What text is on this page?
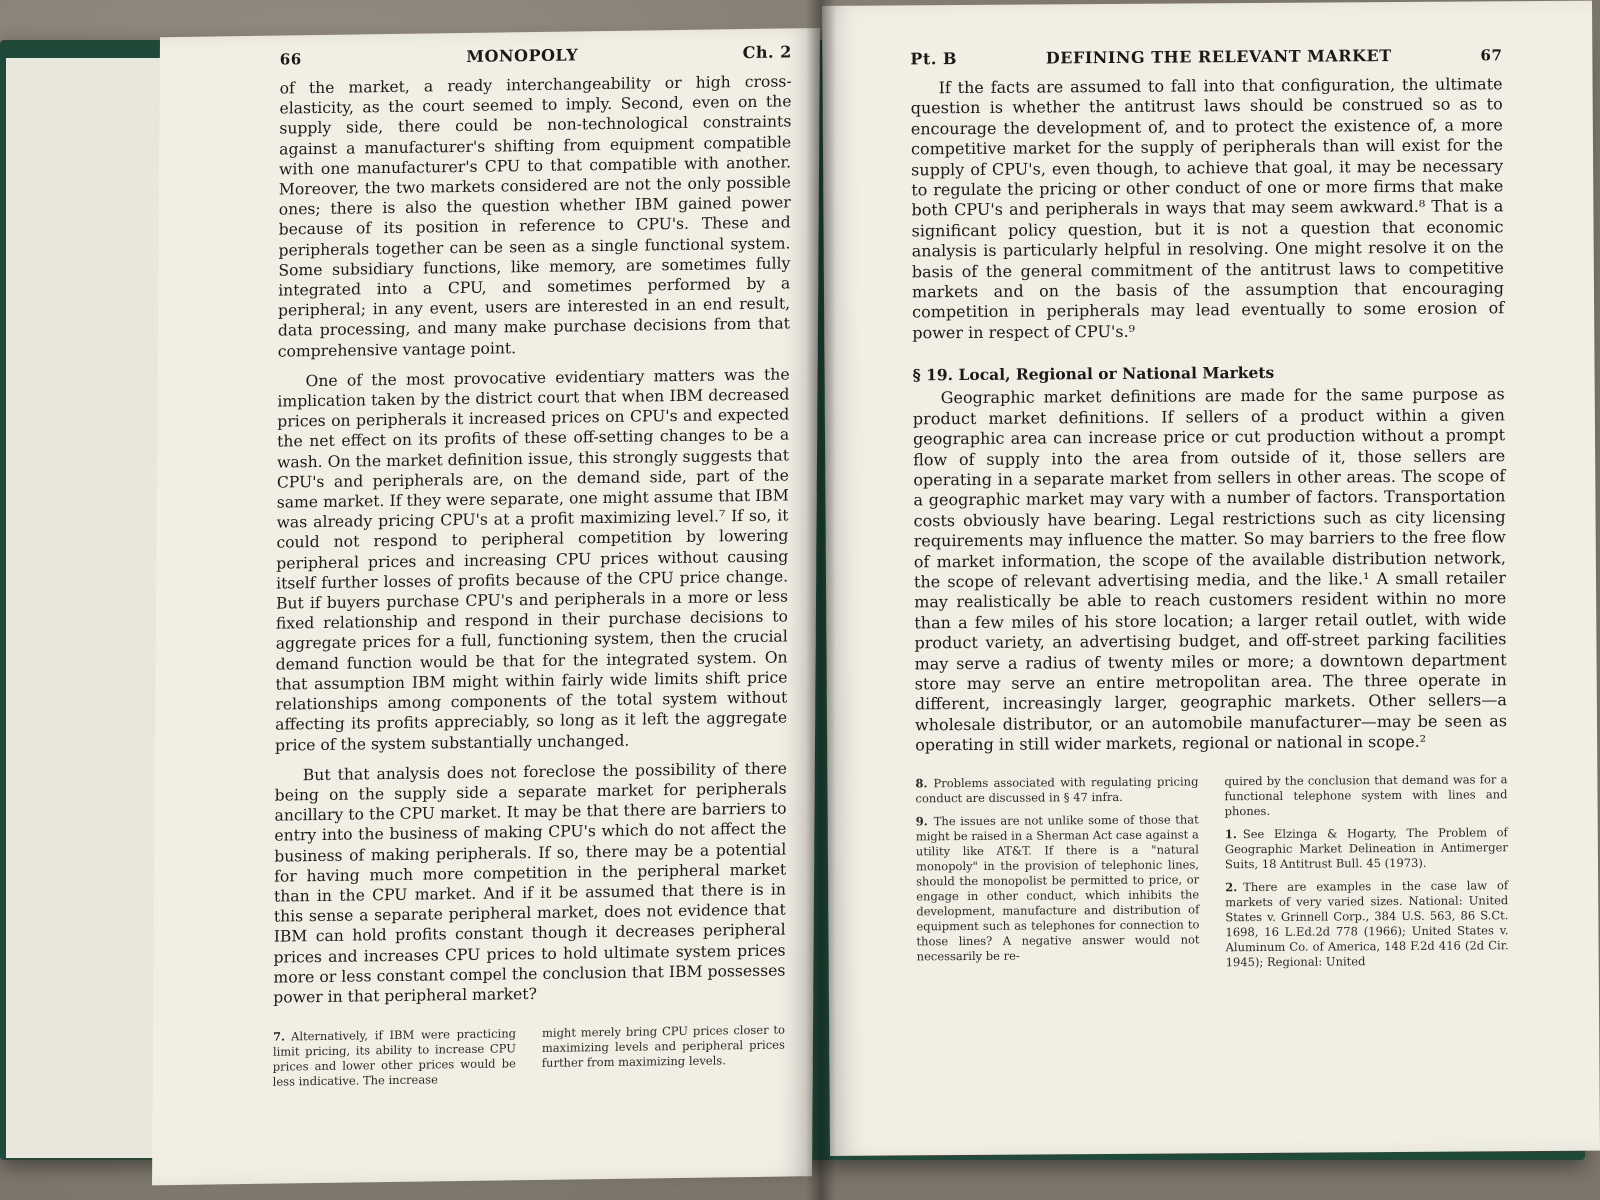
66	MONOPOLY	Ch. 2

of the market, a ready interchangeability or high cross-elasticity, as the court seemed to imply. Second, even on the supply side, there could be non-technological constraints against a manufacturer's shifting from equipment compatible with one manufacturer's CPU to that compatible with another. Moreover, the two markets considered are not the only possible ones; there is also the question whether IBM gained power because of its position in reference to CPU's. These and peripherals together can be seen as a single functional system. Some subsidiary functions, like memory, are sometimes fully integrated into a CPU, and sometimes performed by a peripheral; in any event, users are interested in an end result, data processing, and many make purchase decisions from that comprehensive vantage point.

One of the most provocative evidentiary matters was the implication taken by the district court that when IBM decreased prices on peripherals it increased prices on CPU's and expected the net effect on its profits of these off-setting changes to be a wash. On the market definition issue, this strongly suggests that CPU's and peripherals are, on the demand side, part of the same market. If they were separate, one might assume that IBM was already pricing CPU's at a profit maximizing level.⁷ If so, it could not respond to peripheral competition by lowering peripheral prices and increasing CPU prices without causing itself further losses of profits because of the CPU price change. But if buyers purchase CPU's and peripherals in a more or less fixed relationship and respond in their purchase decisions to aggregate prices for a full, functioning system, then the crucial demand function would be that for the integrated system. On that assumption IBM might within fairly wide limits shift price relationships among components of the total system without affecting its profits appreciably, so long as it left the aggregate price of the system substantially unchanged.

But that analysis does not foreclose the possibility of there being on the supply side a separate market for peripherals ancillary to the CPU market. It may be that there are barriers to entry into the business of making CPU's which do not affect the business of making peripherals. If so, there may be a potential for having much more competition in the peripheral market than in the CPU market. And if it be assumed that there is in this sense a separate peripheral market, does not evidence that IBM can hold profits constant though it decreases peripheral prices and increases CPU prices to hold ultimate system prices more or less constant compel the conclusion that IBM possesses power in that peripheral market?

7. Alternatively, if IBM were practicing limit pricing, its ability to increase CPU prices and lower other prices would be less indicative. The increase
might merely bring CPU prices closer to maximizing levels and peripheral prices further from maximizing levels.
Pt. B	DEFINING THE RELEVANT MARKET	67

If the facts are assumed to fall into that configuration, the ultimate question is whether the antitrust laws should be construed so as to encourage the development of, and to protect the existence of, a more competitive market for the supply of peripherals than will exist for the supply of CPU's, even though, to achieve that goal, it may be necessary to regulate the pricing or other conduct of one or more firms that make both CPU's and peripherals in ways that may seem awkward.⁸ That is a significant policy question, but it is not a question that economic analysis is particularly helpful in resolving. One might resolve it on the basis of the general commitment of the antitrust laws to competitive markets and on the basis of the assumption that encouraging competition in peripherals may lead eventually to some erosion of power in respect of CPU's.⁹

§ 19. Local, Regional or National Markets

Geographic market definitions are made for the same purpose as product market definitions. If sellers of a product within a given geographic area can increase price or cut production without a prompt flow of supply into the area from outside of it, those sellers are operating in a separate market from sellers in other areas. The scope of a geographic market may vary with a number of factors. Transportation costs obviously have bearing. Legal restrictions such as city licensing requirements may influence the matter. So may barriers to the free flow of market information, the scope of the available distribution network, the scope of relevant advertising media, and the like.¹ A small retailer may realistically be able to reach customers resident within no more than a few miles of his store location; a larger retail outlet, with wide product variety, an advertising budget, and off-street parking facilities may serve a radius of twenty miles or more; a downtown department store may serve an entire metropolitan area. The three operate in different, increasingly larger, geographic markets. Other sellers—a wholesale distributor, or an automobile manufacturer—may be seen as operating in still wider markets, regional or national in scope.²

8. Problems associated with regulating pricing conduct are discussed in § 47 infra.
9. The issues are not unlike some of those that might be raised in a Sherman Act case against a utility like AT&T. If there is a "natural monopoly" in the provision of telephonic lines, should the monopolist be permitted to price, or engage in other conduct, which inhibits the development, manufacture and distribution of equipment such as telephones for connection to those lines? A negative answer would not necessarily be re-
quired by the conclusion that demand was for a functional telephone system with lines and phones.
1. See Elzinga & Hogarty, The Problem of Geographic Market Delineation in Antimerger Suits, 18 Antitrust Bull. 45 (1973).
2. There are examples in the case law of markets of very varied sizes. National: United States v. Grinnell Corp., 384 U.S. 563, 86 S.Ct. 1698, 16 L.Ed.2d 778 (1966); United States v. Aluminum Co. of America, 148 F.2d 416 (2d Cir. 1945); Regional: United
